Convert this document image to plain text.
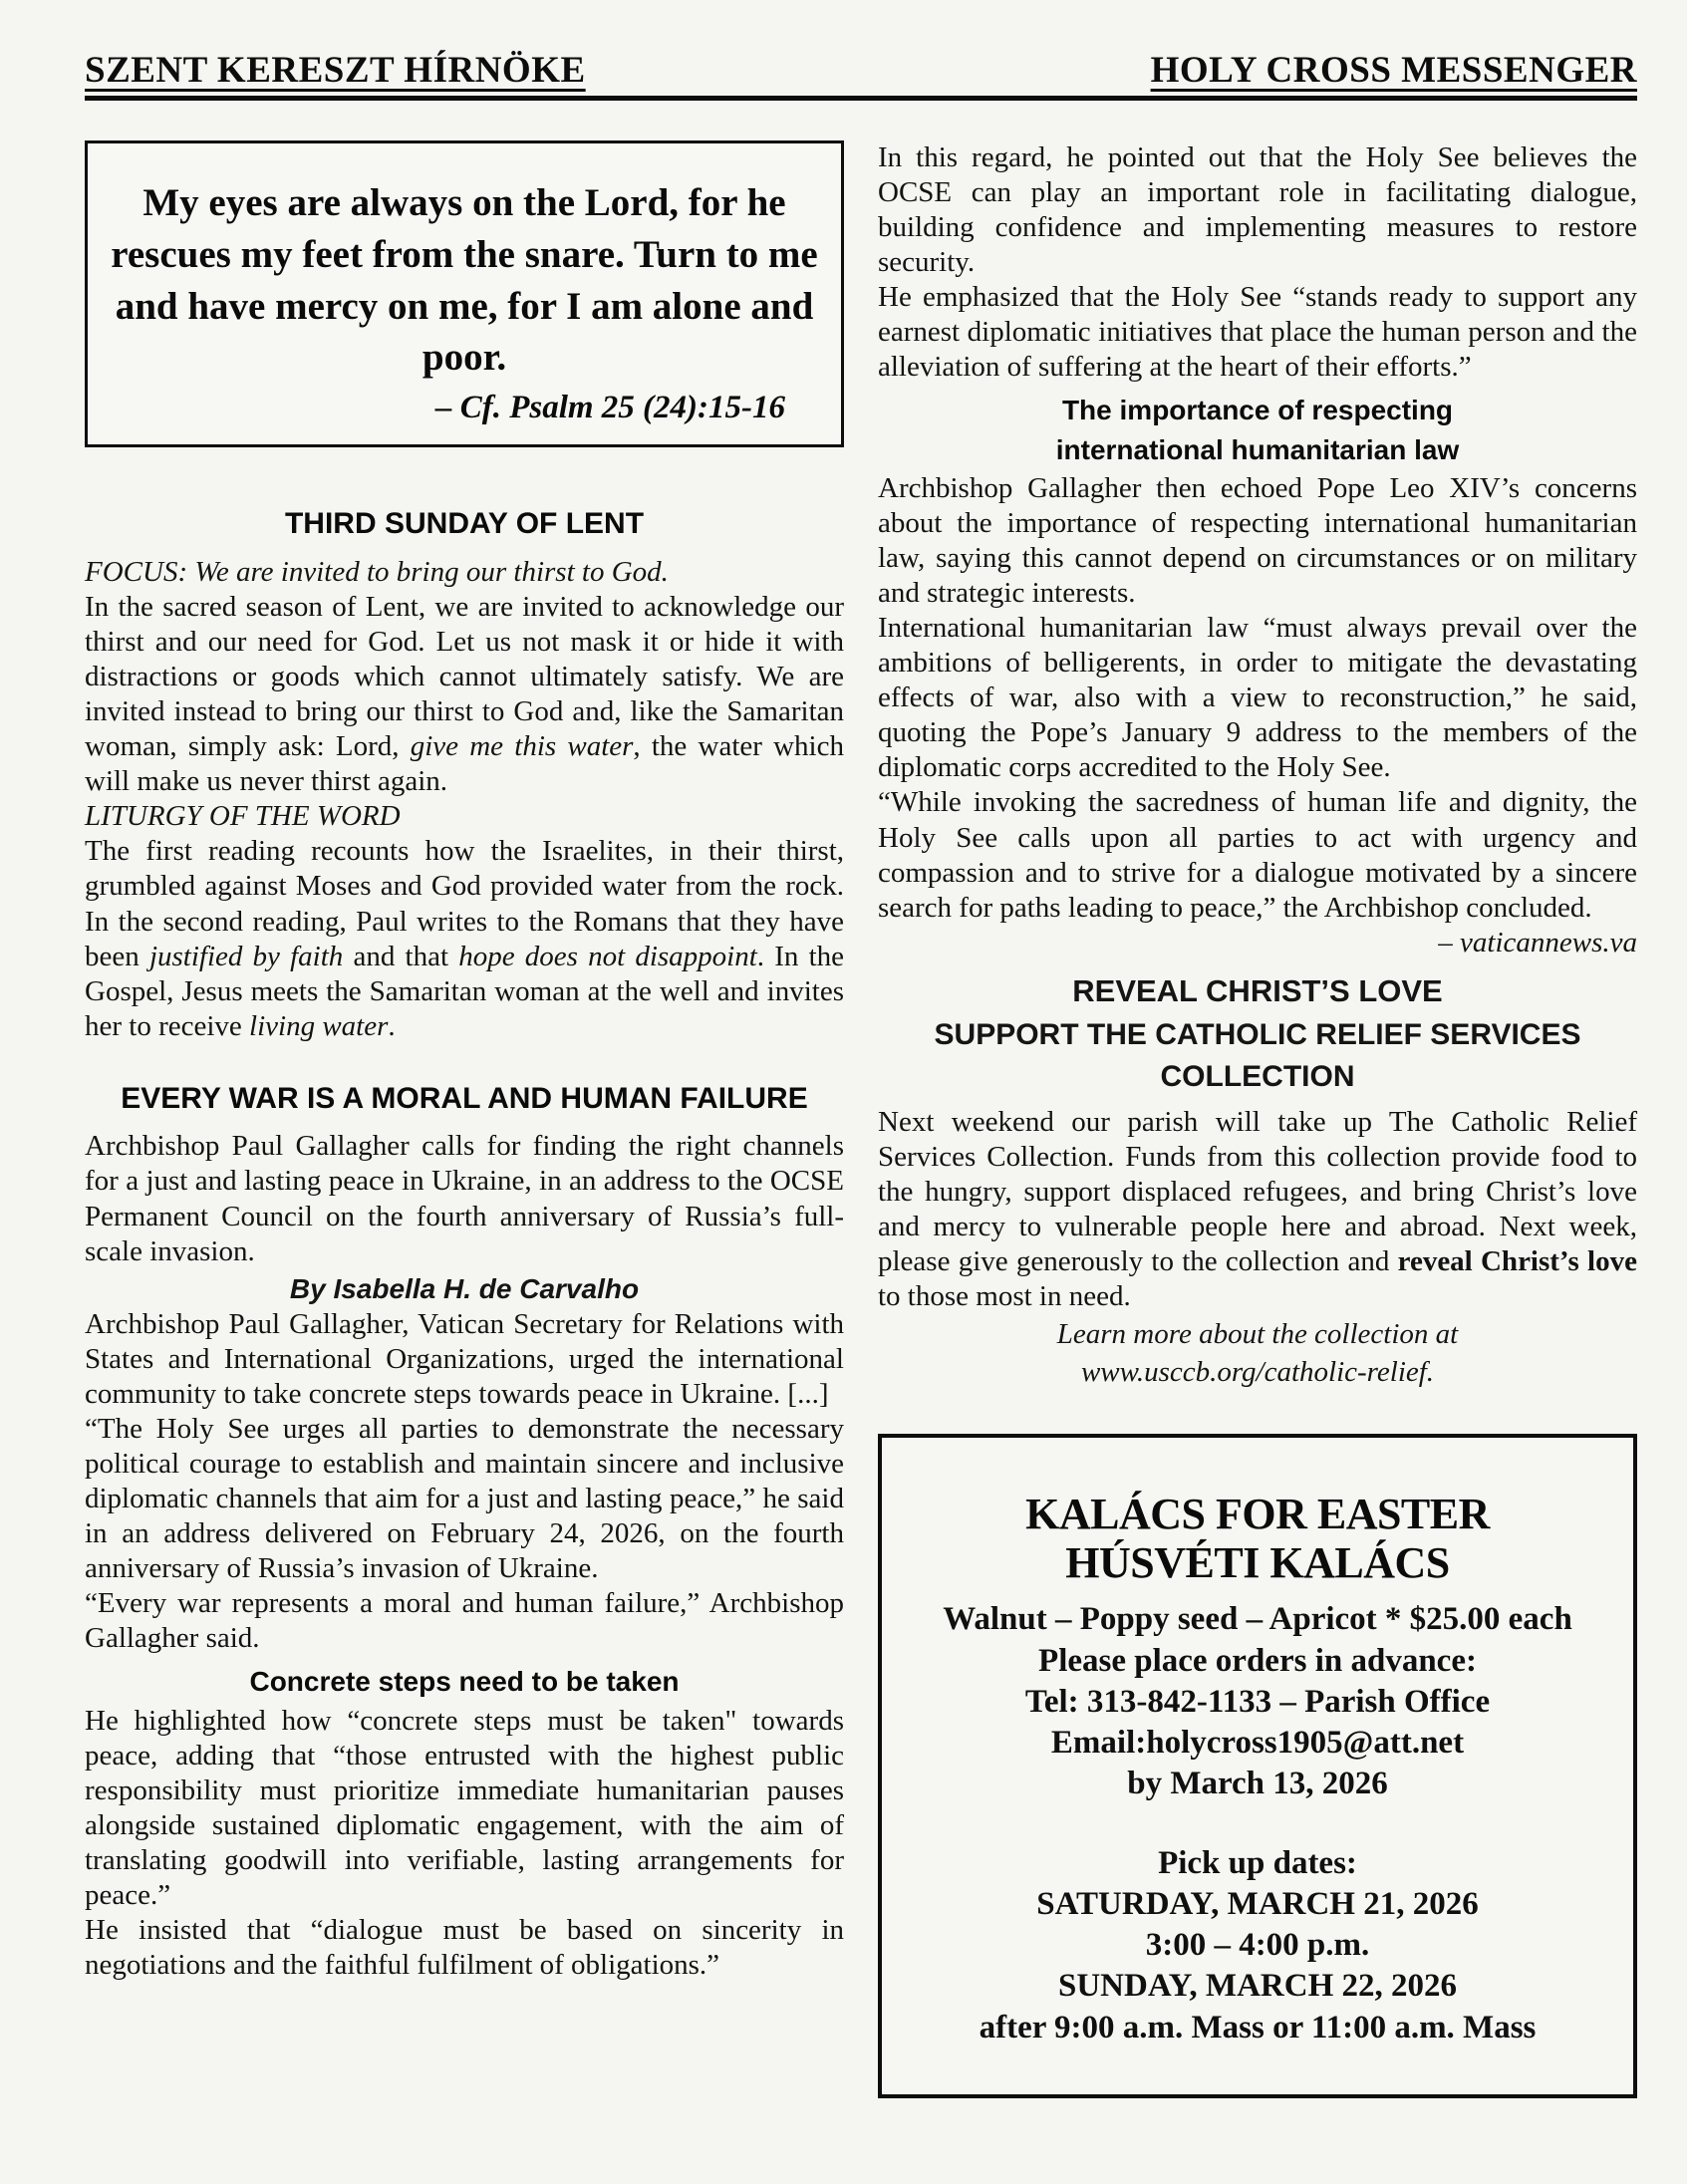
SZENT KERESZT HÍRNÖKE	HOLY CROSS MESSENGER
My eyes are always on the Lord, for he rescues my feet from the snare. Turn to me and have mercy on me, for I am alone and poor.
– Cf. Psalm 25 (24):15-16
THIRD SUNDAY OF LENT

FOCUS: We are invited to bring our thirst to God.

In the sacred season of Lent, we are invited to acknowledge our thirst and our need for God. Let us not mask it or hide it with distractions or goods which cannot ultimately satisfy. We are invited instead to bring our thirst to God and, like the Samaritan woman, simply ask: Lord, give me this water, the water which will make us never thirst again.

LITURGY OF THE WORD

The first reading recounts how the Israelites, in their thirst, grumbled against Moses and God provided water from the rock. In the second reading, Paul writes to the Romans that they have been justified by faith and that hope does not disappoint. In the Gospel, Jesus meets the Samaritan woman at the well and invites her to receive living water.

EVERY WAR IS A MORAL AND HUMAN FAILURE

Archbishop Paul Gallagher calls for finding the right channels for a just and lasting peace in Ukraine, in an address to the OCSE Permanent Council on the fourth anniversary of Russia’s full-scale invasion.

By Isabella H. de Carvalho

Archbishop Paul Gallagher, Vatican Secretary for Relations with States and International Organizations, urged the international community to take concrete steps towards peace in Ukraine. [...]

“The Holy See urges all parties to demonstrate the necessary political courage to establish and maintain sincere and inclusive diplomatic channels that aim for a just and lasting peace,” he said in an address delivered on February 24, 2026, on the fourth anniversary of Russia’s invasion of Ukraine.

“Every war represents a moral and human failure,” Archbishop Gallagher said.

Concrete steps need to be taken

He highlighted how “concrete steps must be taken" towards peace, adding that “those entrusted with the highest public responsibility must prioritize immediate humanitarian pauses alongside sustained diplomatic engagement, with the aim of translating goodwill into verifiable, lasting arrangements for peace.”

He insisted that “dialogue must be based on sincerity in negotiations and the faithful fulfilment of obligations.”

In this regard, he pointed out that the Holy See believes the OCSE can play an important role in facilitating dialogue, building confidence and implementing measures to restore security.

He emphasized that the Holy See “stands ready to support any earnest diplomatic initiatives that place the human person and the alleviation of suffering at the heart of their efforts.”

The importance of respecting
international humanitarian law

Archbishop Gallagher then echoed Pope Leo XIV’s concerns about the importance of respecting international humanitarian law, saying this cannot depend on circumstances or on military and strategic interests.

International humanitarian law “must always prevail over the ambitions of belligerents, in order to mitigate the devastating effects of war, also with a view to reconstruction,” he said, quoting the Pope’s January 9 address to the members of the diplomatic corps accredited to the Holy See.

“While invoking the sacredness of human life and dignity, the Holy See calls upon all parties to act with urgency and compassion and to strive for a dialogue motivated by a sincere search for paths leading to peace,” the Archbishop concluded.
– vaticannews.va

REVEAL CHRIST’S LOVE
SUPPORT THE CATHOLIC RELIEF SERVICES COLLECTION

Next weekend our parish will take up The Catholic Relief Services Collection. Funds from this collection provide food to the hungry, support displaced refugees, and bring Christ’s love and mercy to vulnerable people here and abroad. Next week, please give generously to the collection and reveal Christ’s love to those most in need.

Learn more about the collection at
www.usccb.org/catholic-relief.
KALÁCS FOR EASTER
HÚSVÉTI KALÁCS
Walnut – Poppy seed – Apricot * $25.00 each
Please place orders in advance:
Tel: 313-842-1133 – Parish Office
Email:holycross1905@att.net
by March 13, 2026
Pick up dates:
SATURDAY, MARCH 21, 2026
3:00 – 4:00 p.m.
SUNDAY, MARCH 22, 2026
after 9:00 a.m. Mass or 11:00 a.m. Mass
